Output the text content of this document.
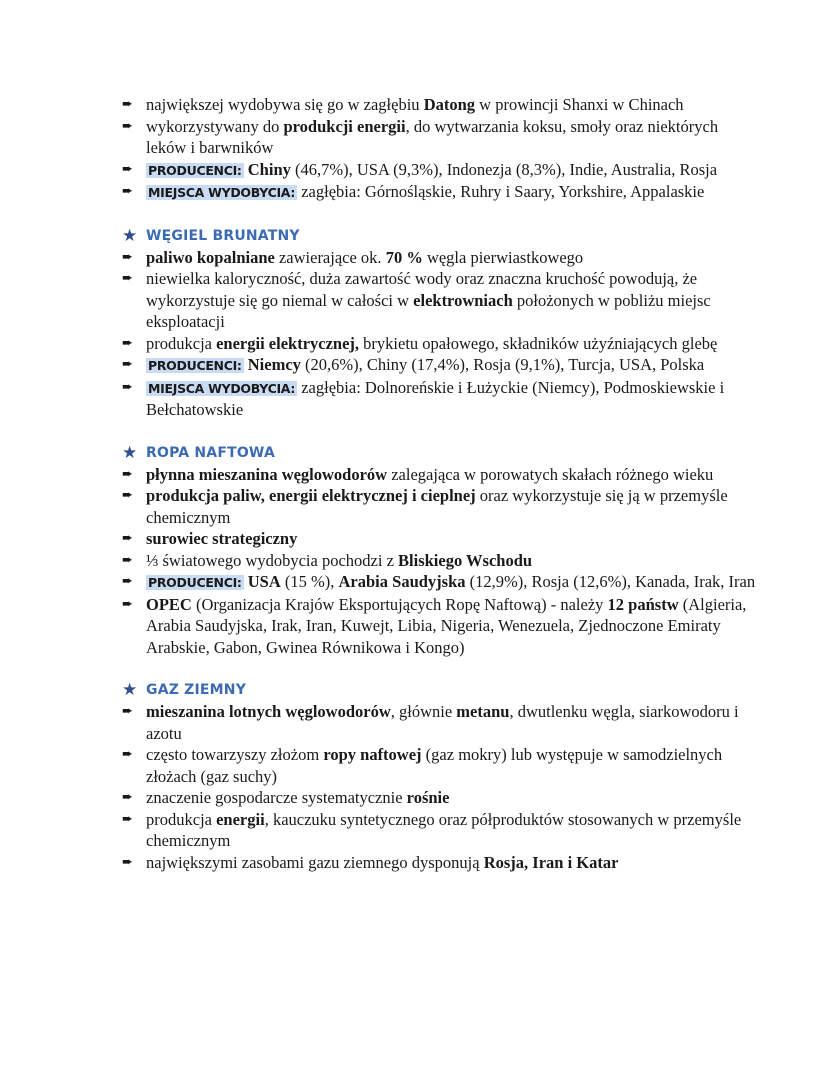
➨ największej wydobywa się go w zagłębiu Datong w prowincji Shanxi w Chinach
➨ wykorzystywany do produkcji energii, do wytwarzania koksu, smoły oraz niektórych leków i barwników
➨ PRODUCENCI: Chiny (46,7%), USA (9,3%), Indonezja (8,3%), Indie, Australia, Rosja
➨ MIEJSCA WYDOBYCIA: zagłębia: Górnośląskie, Ruhry i Saary, Yorkshire, Appalaskie
★ WĘGIEL BRUNATNY
➨ paliwo kopalniane zawierające ok. 70 % węgla pierwiastkowego
➨ niewielka kaloryczność, duża zawartość wody oraz znaczna kruchość powodują, że wykorzystuje się go niemal w całości w elektrowniach położonych w pobliżu miejsc eksploatacji
➨ produkcja energii elektrycznej, brykietu opałowego, składników użyźniających glebę
➨ PRODUCENCI: Niemcy (20,6%), Chiny (17,4%), Rosja (9,1%), Turcja, USA, Polska
➨ MIEJSCA WYDOBYCIA: zagłębia: Dolnoreńskie i Łużyckie (Niemcy), Podmoskiewskie i Bełchatowskie
★ ROPA NAFTOWA
➨ płynna mieszanina węglowodorów zalegająca w porowatych skałach różnego wieku
➨ produkcja paliw, energii elektrycznej i cieplnej oraz wykorzystuje się ją w przemyśle chemicznym
➨ surowiec strategiczny
➨ ⅓ światowego wydobycia pochodzi z Bliskiego Wschodu
➨ PRODUCENCI: USA (15 %), Arabia Saudyjska (12,9%), Rosja (12,6%), Kanada, Irak, Iran
➨ OPEC (Organizacja Krajów Eksportujących Ropę Naftową) - należy 12 państw (Algieria, Arabia Saudyjska, Irak, Iran, Kuwejt, Libia, Nigeria, Wenezuela, Zjednoczone Emiraty Arabskie, Gabon, Gwinea Równikowa i Kongo)
★ GAZ ZIEMNY
➨ mieszanina lotnych węglowodorów, głównie metanu, dwutlenku węgla, siarkowodoru i azotu
➨ często towarzyszy złożom ropy naftowej (gaz mokry) lub występuje w samodzielnych złożach (gaz suchy)
➨ znaczenie gospodarcze systematycznie rośnie
➨ produkcja energii, kauczuku syntetycznego oraz półproduktów stosowanych w przemyśle chemicznym
➨ największymi zasobami gazu ziemnego dysponują Rosja, Iran i Katar
